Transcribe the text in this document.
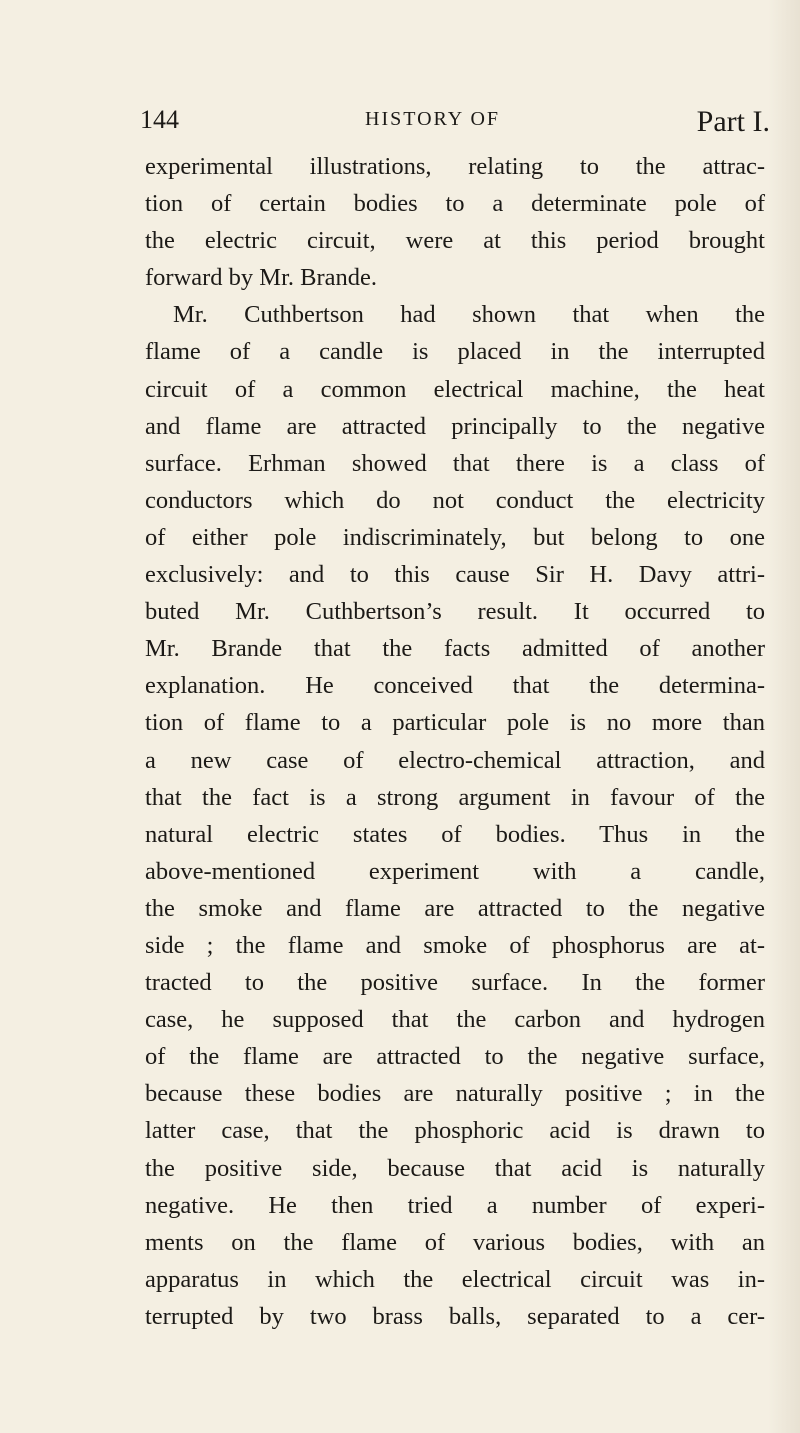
144	HISTORY OF	Part I.
experimental illustrations, relating to the attrac-
tion of certain bodies to a determinate pole of
the electric circuit, were at this period brought
forward by Mr. Brande.
Mr. Cuthbertson had shown that when the
flame of a candle is placed in the interrupted
circuit of a common electrical machine, the heat
and flame are attracted principally to the negative
surface. Erhman showed that there is a class of
conductors which do not conduct the electricity
of either pole indiscriminately, but belong to one
exclusively: and to this cause Sir H. Davy attri-
buted Mr. Cuthbertson’s result. It occurred to
Mr. Brande that the facts admitted of another
explanation. He conceived that the determina-
tion of flame to a particular pole is no more than
a new case of electro-chemical attraction, and
that the fact is a strong argument in favour of the
natural electric states of bodies. Thus in the
above-mentioned experiment with a candle,
the smoke and flame are attracted to the negative
side ; the flame and smoke of phosphorus are at-
tracted to the positive surface. In the former
case, he supposed that the carbon and hydrogen
of the flame are attracted to the negative surface,
because these bodies are naturally positive ; in the
latter case, that the phosphoric acid is drawn to
the positive side, because that acid is naturally
negative. He then tried a number of experi-
ments on the flame of various bodies, with an
apparatus in which the electrical circuit was in-
terrupted by two brass balls, separated to a cer-
